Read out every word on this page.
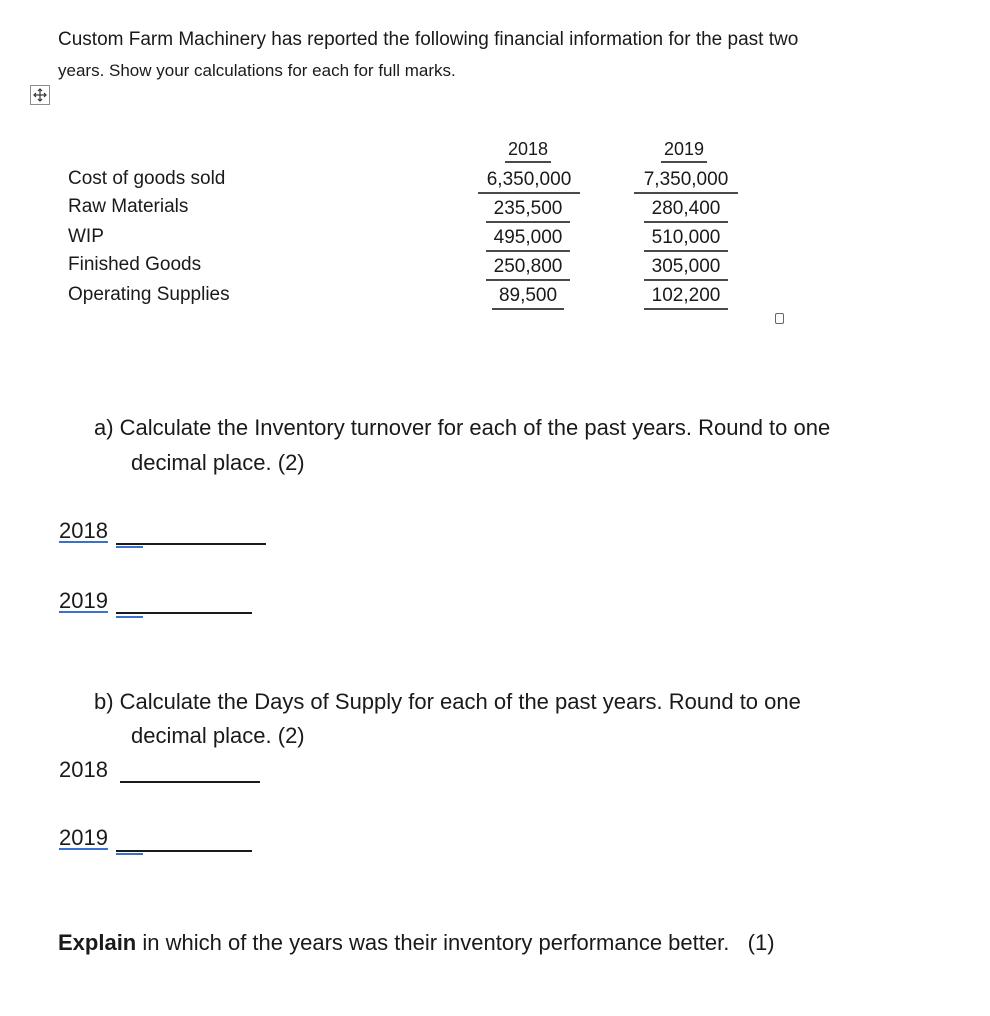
Custom Farm Machinery has reported the following financial information for the past two
years. Show your calculations for each for full marks.
2018	2019
Cost of goods sold
Raw Materials
WIP
Finished Goods
Operating Supplies
6,350,000
235,500
495,000
250,800
89,500
7,350,000
280,400
510,000
305,000
102,200
a) Calculate the Inventory turnover for each of the past years. Round to one
decimal place. (2)
2018
2019
b) Calculate the Days of Supply for each of the past years. Round to one
decimal place. (2)
2018
2019
Explain in which of the years was their inventory performance better.   (1)
